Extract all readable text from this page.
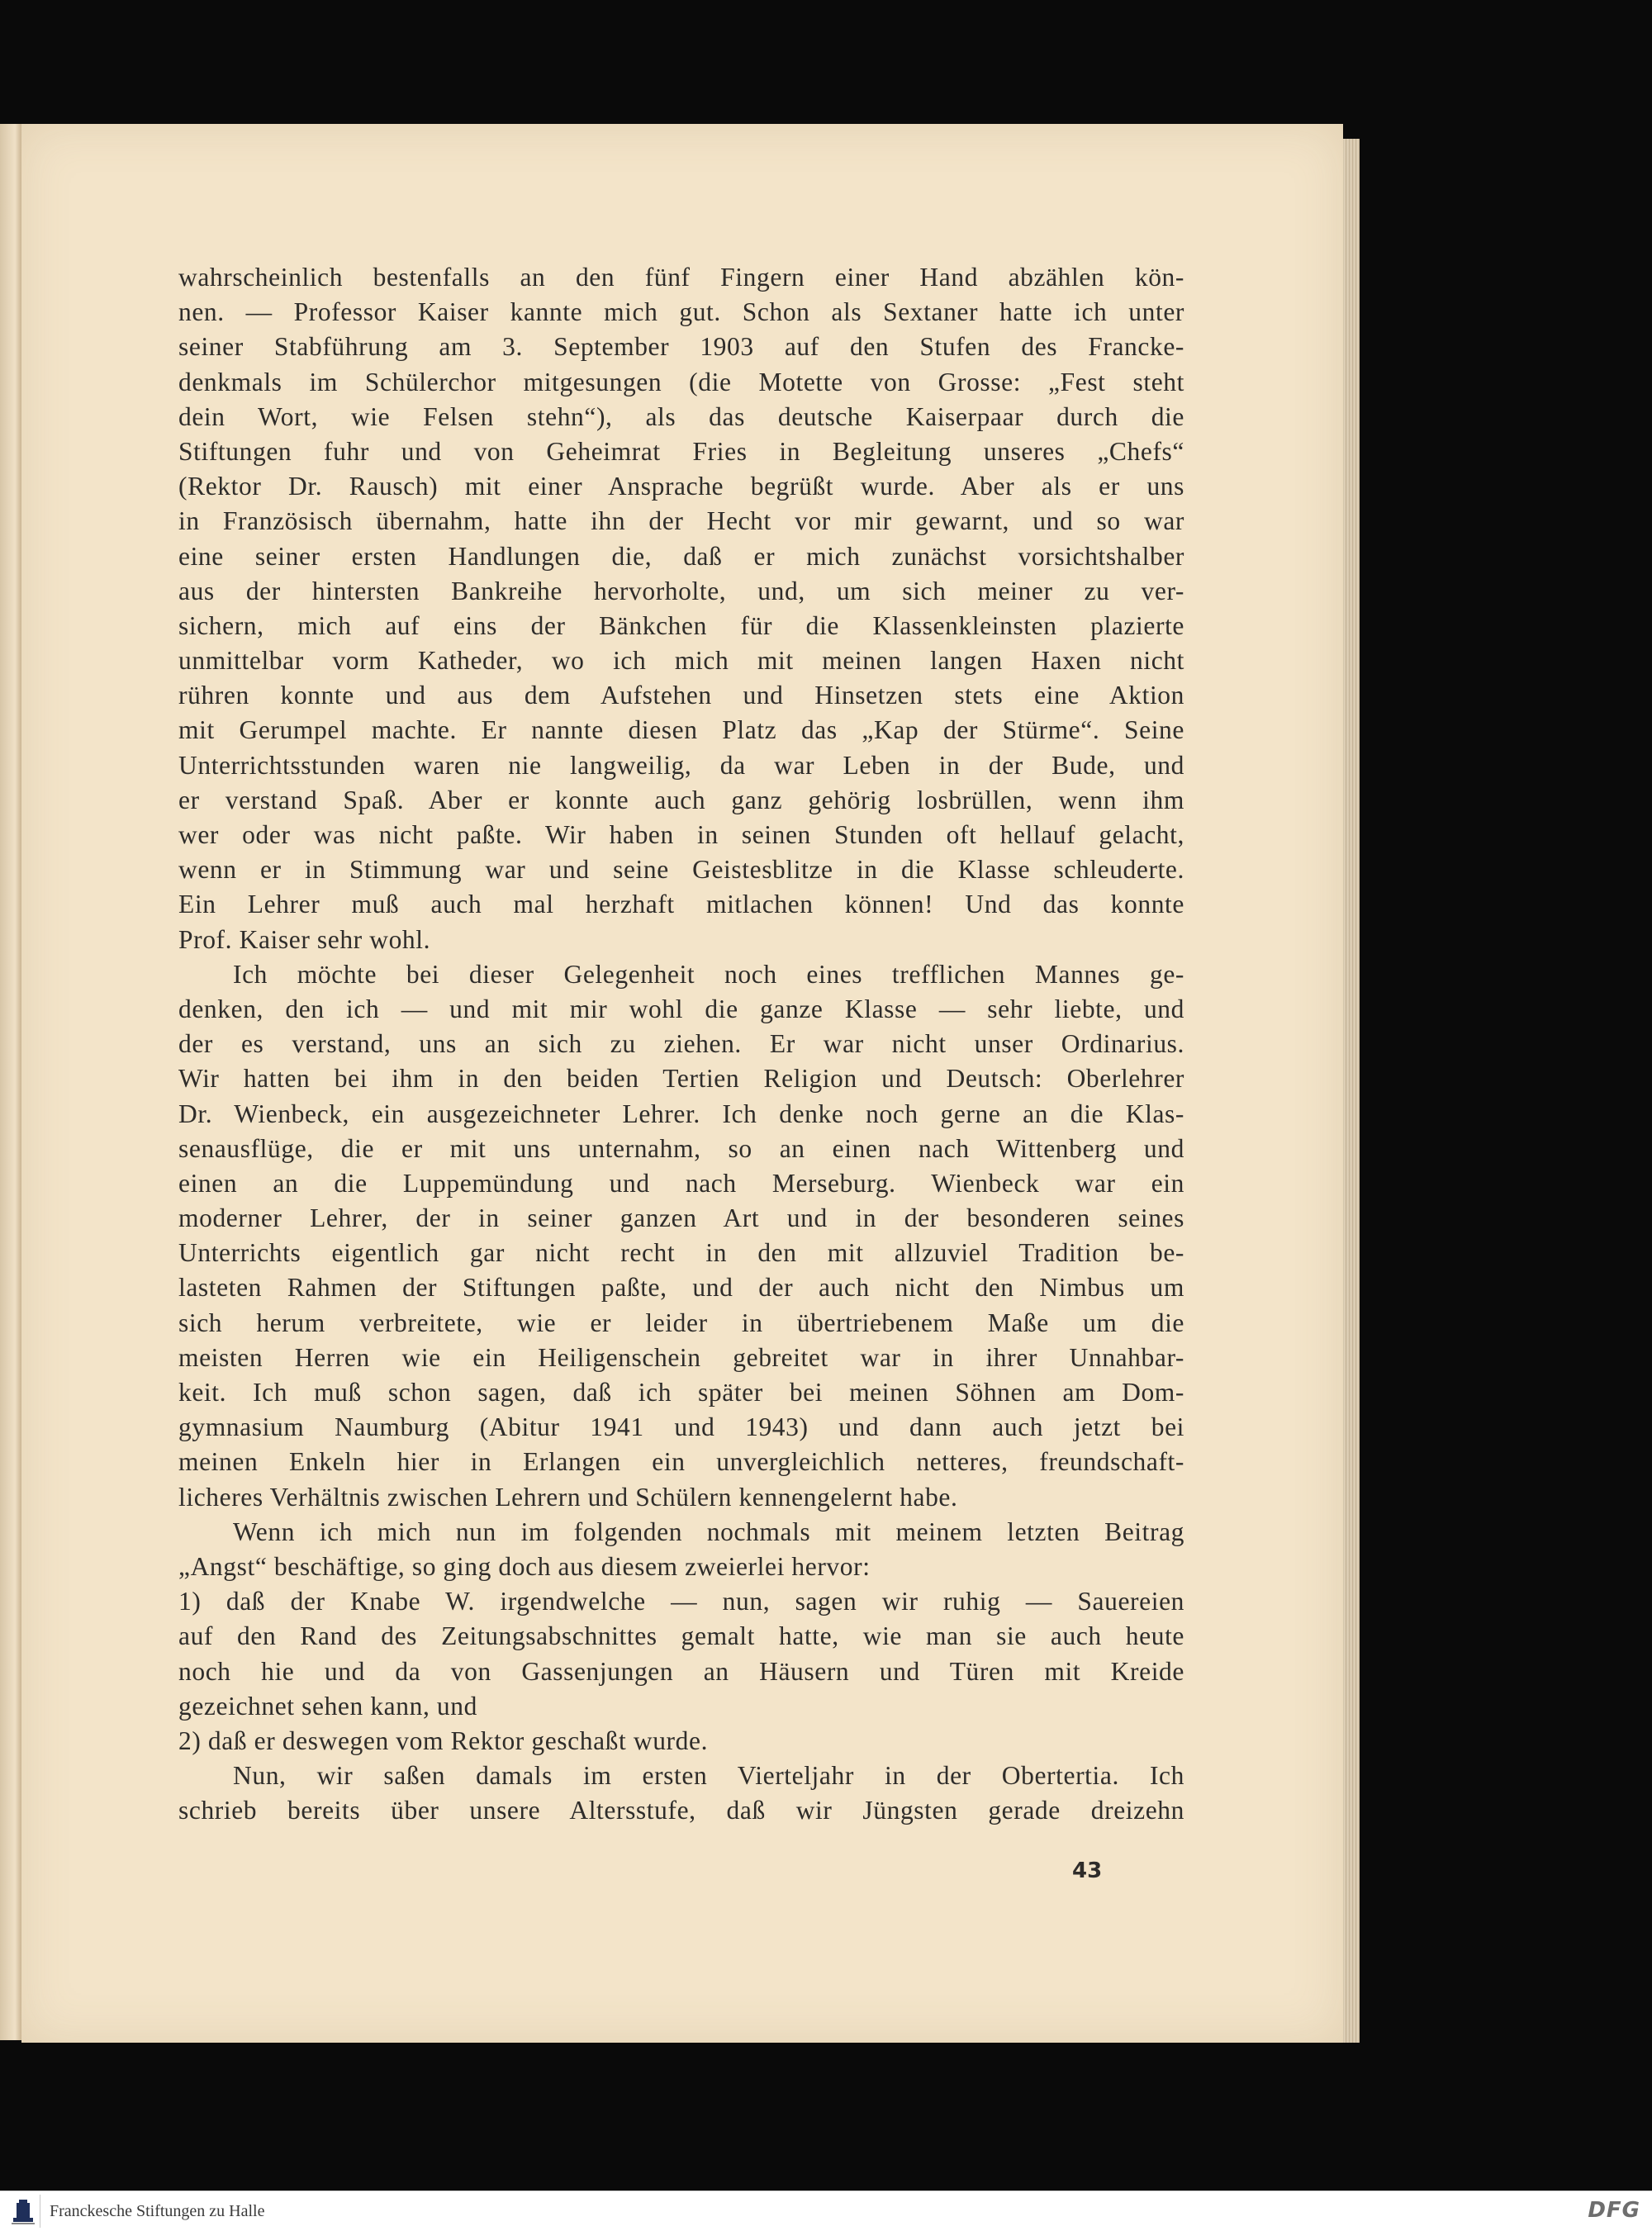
wahrscheinlich bestenfalls an den fünf Fingern einer Hand abzählen kön-
nen. — Professor Kaiser kannte mich gut. Schon als Sextaner hatte ich unter
seiner Stabführung am 3. September 1903 auf den Stufen des Francke-
denkmals im Schülerchor mitgesungen (die Motette von Grosse: „Fest steht
dein Wort, wie Felsen stehn“), als das deutsche Kaiserpaar durch die
Stiftungen fuhr und von Geheimrat Fries in Begleitung unseres „Chefs“
(Rektor Dr. Rausch) mit einer Ansprache begrüßt wurde. Aber als er uns
in Französisch übernahm, hatte ihn der Hecht vor mir gewarnt, und so war
eine seiner ersten Handlungen die, daß er mich zunächst vorsichtshalber
aus der hintersten Bankreihe hervorholte, und, um sich meiner zu ver-
sichern, mich auf eins der Bänkchen für die Klassenkleinsten plazierte
unmittelbar vorm Katheder, wo ich mich mit meinen langen Haxen nicht
rühren konnte und aus dem Aufstehen und Hinsetzen stets eine Aktion
mit Gerumpel machte. Er nannte diesen Platz das „Kap der Stürme“. Seine
Unterrichtsstunden waren nie langweilig, da war Leben in der Bude, und
er verstand Spaß. Aber er konnte auch ganz gehörig losbrüllen, wenn ihm
wer oder was nicht paßte. Wir haben in seinen Stunden oft hellauf gelacht,
wenn er in Stimmung war und seine Geistesblitze in die Klasse schleuderte.
Ein Lehrer muß auch mal herzhaft mitlachen können! Und das konnte
Prof. Kaiser sehr wohl.
Ich möchte bei dieser Gelegenheit noch eines trefflichen Mannes ge-
denken, den ich — und mit mir wohl die ganze Klasse — sehr liebte, und
der es verstand, uns an sich zu ziehen. Er war nicht unser Ordinarius.
Wir hatten bei ihm in den beiden Tertien Religion und Deutsch: Oberlehrer
Dr. Wienbeck, ein ausgezeichneter Lehrer. Ich denke noch gerne an die Klas-
senausflüge, die er mit uns unternahm, so an einen nach Wittenberg und
einen an die Luppemündung und nach Merseburg. Wienbeck war ein
moderner Lehrer, der in seiner ganzen Art und in der besonderen seines
Unterrichts eigentlich gar nicht recht in den mit allzuviel Tradition be-
lasteten Rahmen der Stiftungen paßte, und der auch nicht den Nimbus um
sich herum verbreitete, wie er leider in übertriebenem Maße um die
meisten Herren wie ein Heiligenschein gebreitet war in ihrer Unnahbar-
keit. Ich muß schon sagen, daß ich später bei meinen Söhnen am Dom-
gymnasium Naumburg (Abitur 1941 und 1943) und dann auch jetzt bei
meinen Enkeln hier in Erlangen ein unvergleichlich netteres, freundschaft-
licheres Verhältnis zwischen Lehrern und Schülern kennengelernt habe.
Wenn ich mich nun im folgenden nochmals mit meinem letzten Beitrag
„Angst“ beschäftige, so ging doch aus diesem zweierlei hervor:
1) daß der Knabe W. irgendwelche — nun, sagen wir ruhig — Sauereien
auf den Rand des Zeitungsabschnittes gemalt hatte, wie man sie auch heute
noch hie und da von Gassenjungen an Häusern und Türen mit Kreide
gezeichnet sehen kann, und
2) daß er deswegen vom Rektor geschaßt wurde.
Nun, wir saßen damals im ersten Vierteljahr in der Obertertia. Ich
schrieb bereits über unsere Altersstufe, daß wir Jüngsten gerade dreizehn
43
Franckesche Stiftungen zu Halle	DFG
